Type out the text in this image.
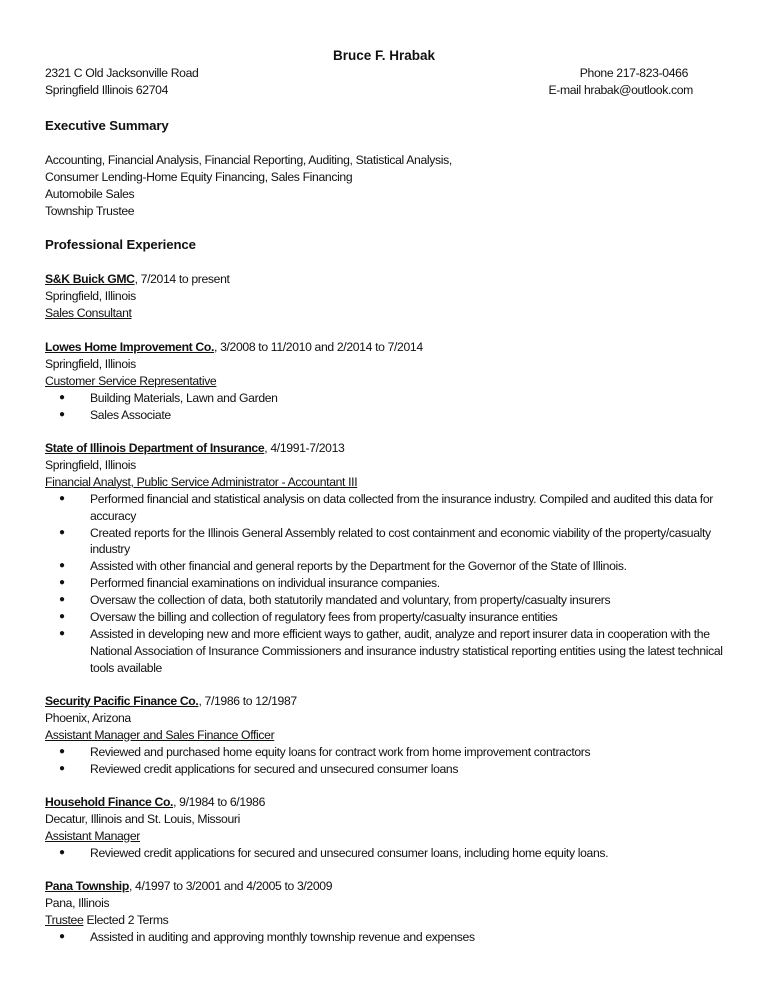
Bruce F. Hrabak
2321 C Old Jacksonville Road	Phone 217-823-0466
Springfield Illinois 62704	E-mail hrabak@outlook.com
Executive Summary
Accounting, Financial Analysis, Financial Reporting, Auditing, Statistical Analysis,
Consumer Lending-Home Equity Financing, Sales Financing
Automobile Sales
Township Trustee
Professional Experience
S&K Buick GMC, 7/2014 to present
Springfield, Illinois
Sales Consultant
Lowes Home Improvement Co., 3/2008 to 11/2010 and 2/2014 to 7/2014
Springfield, Illinois
Customer Service Representative
● Building Materials, Lawn and Garden
● Sales Associate
State of Illinois Department of Insurance, 4/1991-7/2013
Springfield, Illinois
Financial Analyst, Public Service Administrator - Accountant III
● Performed financial and statistical analysis on data collected from the insurance industry. Compiled and audited this data for accuracy
● Created reports for the Illinois General Assembly related to cost containment and economic viability of the property/casualty industry
● Assisted with other financial and general reports by the Department for the Governor of the State of Illinois.
● Performed financial examinations on individual insurance companies.
● Oversaw the collection of data, both statutorily mandated and voluntary, from property/casualty insurers
● Oversaw the billing and collection of regulatory fees from property/casualty insurance entities
● Assisted in developing new and more efficient ways to gather, audit, analyze and report insurer data in cooperation with the National Association of Insurance Commissioners and insurance industry statistical reporting entities using the latest technical tools available
Security Pacific Finance Co., 7/1986 to 12/1987
Phoenix, Arizona
Assistant Manager and Sales Finance Officer
● Reviewed and purchased home equity loans for contract work from home improvement contractors
● Reviewed credit applications for secured and unsecured consumer loans
Household Finance Co., 9/1984 to 6/1986
Decatur, Illinois and St. Louis, Missouri
Assistant Manager
● Reviewed credit applications for secured and unsecured consumer loans, including home equity loans.
Pana Township, 4/1997 to 3/2001 and 4/2005 to 3/2009
Pana, Illinois
Trustee Elected 2 Terms
● Assisted in auditing and approving monthly township revenue and expenses
